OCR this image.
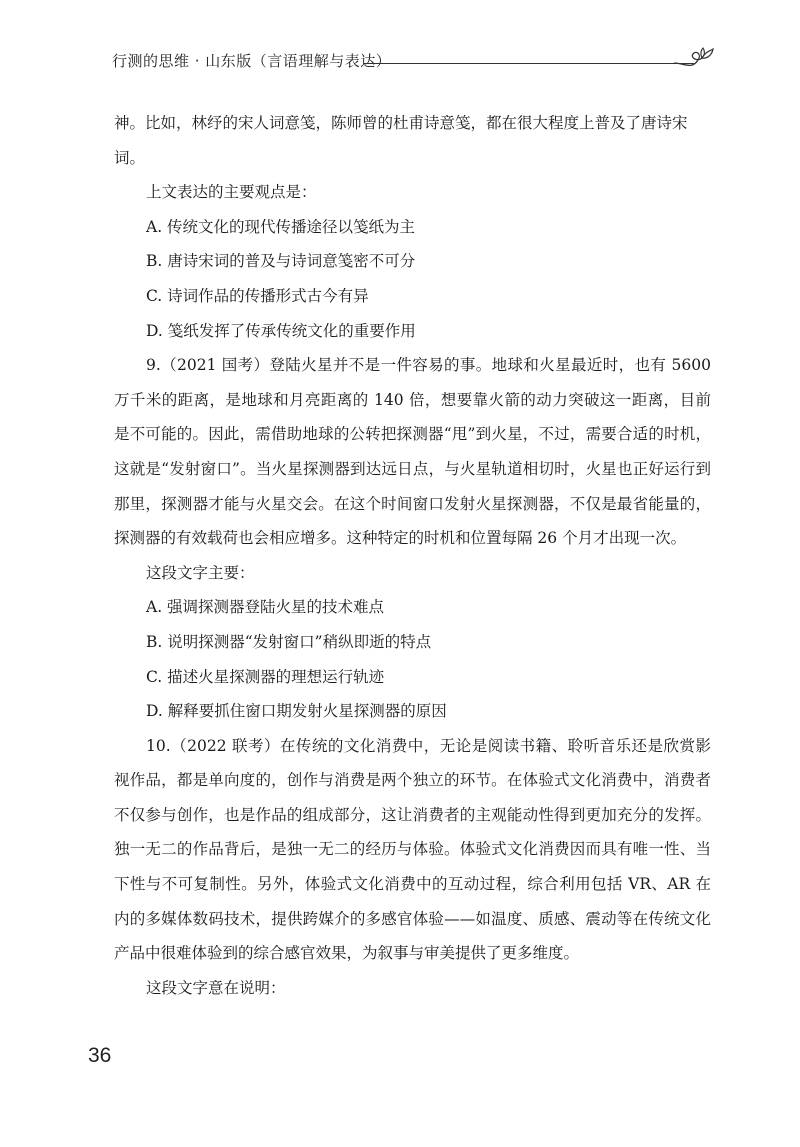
行测的思维 · 山东版（言语理解与表达）

神。比如，林纾的宋人词意笺，陈师曾的杜甫诗意笺，都在很大程度上普及了唐诗宋词。

上文表达的主要观点是：

A. 传统文化的现代传播途径以笺纸为主

B. 唐诗宋词的普及与诗词意笺密不可分

C. 诗词作品的传播形式古今有异

D. 笺纸发挥了传承传统文化的重要作用

9.（2021 国考）登陆火星并不是一件容易的事。地球和火星最近时，也有 5600 万千米的距离，是地球和月亮距离的 140 倍，想要靠火箭的动力突破这一距离，目前是不可能的。因此，需借助地球的公转把探测器“甩”到火星，不过，需要合适的时机，这就是“发射窗口”。当火星探测器到达远日点，与火星轨道相切时，火星也正好运行到那里，探测器才能与火星交会。在这个时间窗口发射火星探测器，不仅是最省能量的，探测器的有效载荷也会相应增多。这种特定的时机和位置每隔 26 个月才出现一次。

这段文字主要：

A. 强调探测器登陆火星的技术难点

B. 说明探测器“发射窗口”稍纵即逝的特点

C. 描述火星探测器的理想运行轨迹

D. 解释要抓住窗口期发射火星探测器的原因

10.（2022 联考）在传统的文化消费中，无论是阅读书籍、聆听音乐还是欣赏影视作品，都是单向度的，创作与消费是两个独立的环节。在体验式文化消费中，消费者不仅参与创作，也是作品的组成部分，这让消费者的主观能动性得到更加充分的发挥。独一无二的作品背后，是独一无二的经历与体验。体验式文化消费因而具有唯一性、当下性与不可复制性。另外，体验式文化消费中的互动过程，综合利用包括 VR、AR 在内的多媒体数码技术，提供跨媒介的多感官体验——如温度、质感、震动等在传统文化产品中很难体验到的综合感官效果，为叙事与审美提供了更多维度。

这段文字意在说明：

36
